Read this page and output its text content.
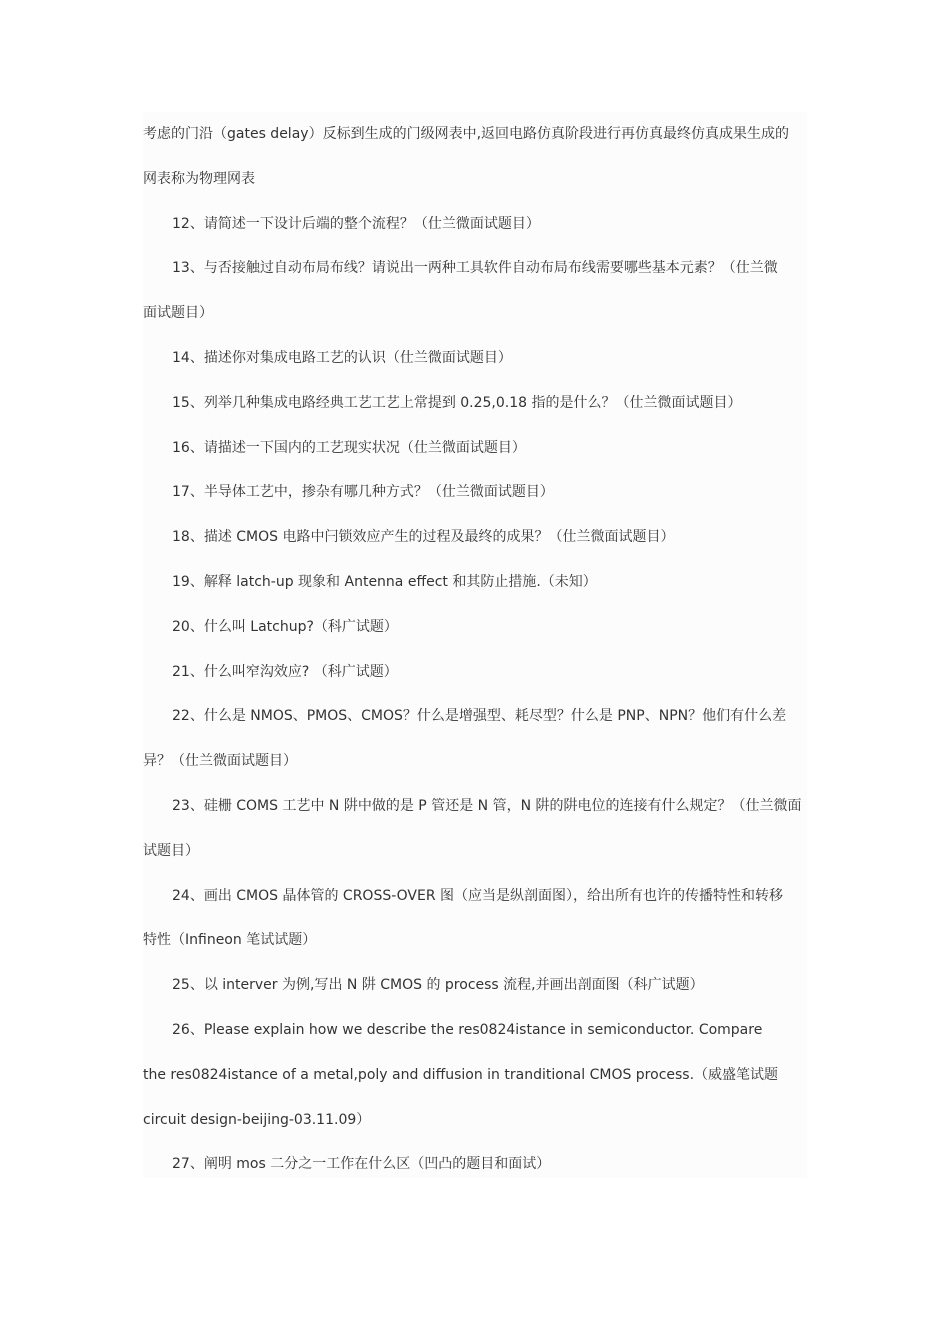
考虑的门沿（gates delay）反标到生成的门级网表中,返回电路仿真阶段进行再仿真最终仿真成果生成的
网表称为物理网表
12、请简述一下设计后端的整个流程？（仕兰微面试题目）
13、与否接触过自动布局布线？请说出一两种工具软件自动布局布线需要哪些基本元素？（仕兰微
面试题目）
14、描述你对集成电路工艺的认识（仕兰微面试题目）
15、列举几种集成电路经典工艺工艺上常提到 0.25,0.18 指的是什么？（仕兰微面试题目）
16、请描述一下国内的工艺现实状况（仕兰微面试题目）
17、半导体工艺中，掺杂有哪几种方式？（仕兰微面试题目）
18、描述 CMOS 电路中闩锁效应产生的过程及最终的成果？（仕兰微面试题目）
19、解释 latch-up 现象和 Antenna effect 和其防止措施.（未知）
20、什么叫 Latchup?（科广试题）
21、什么叫窄沟效应? （科广试题）
22、什么是 NMOS、PMOS、CMOS？什么是增强型、耗尽型？什么是 PNP、NPN？他们有什么差
异？（仕兰微面试题目）
23、硅栅 COMS 工艺中 N 阱中做的是 P 管还是 N 管，N 阱的阱电位的连接有什么规定？（仕兰微面
试题目）
24、画出 CMOS 晶体管的 CROSS-OVER 图（应当是纵剖面图），给出所有也许的传播特性和转移
特性（Infineon 笔试试题）
25、以 interver 为例,写出 N 阱 CMOS 的 process 流程,并画出剖面图（科广试题）
26、Please explain how we describe the res0824istance in semiconductor. Compare
the res0824istance of a metal,poly and diffusion in tranditional CMOS process.（威盛笔试题
circuit design-beijing-03.11.09）
27、阐明 mos 二分之一工作在什么区（凹凸的题目和面试）
